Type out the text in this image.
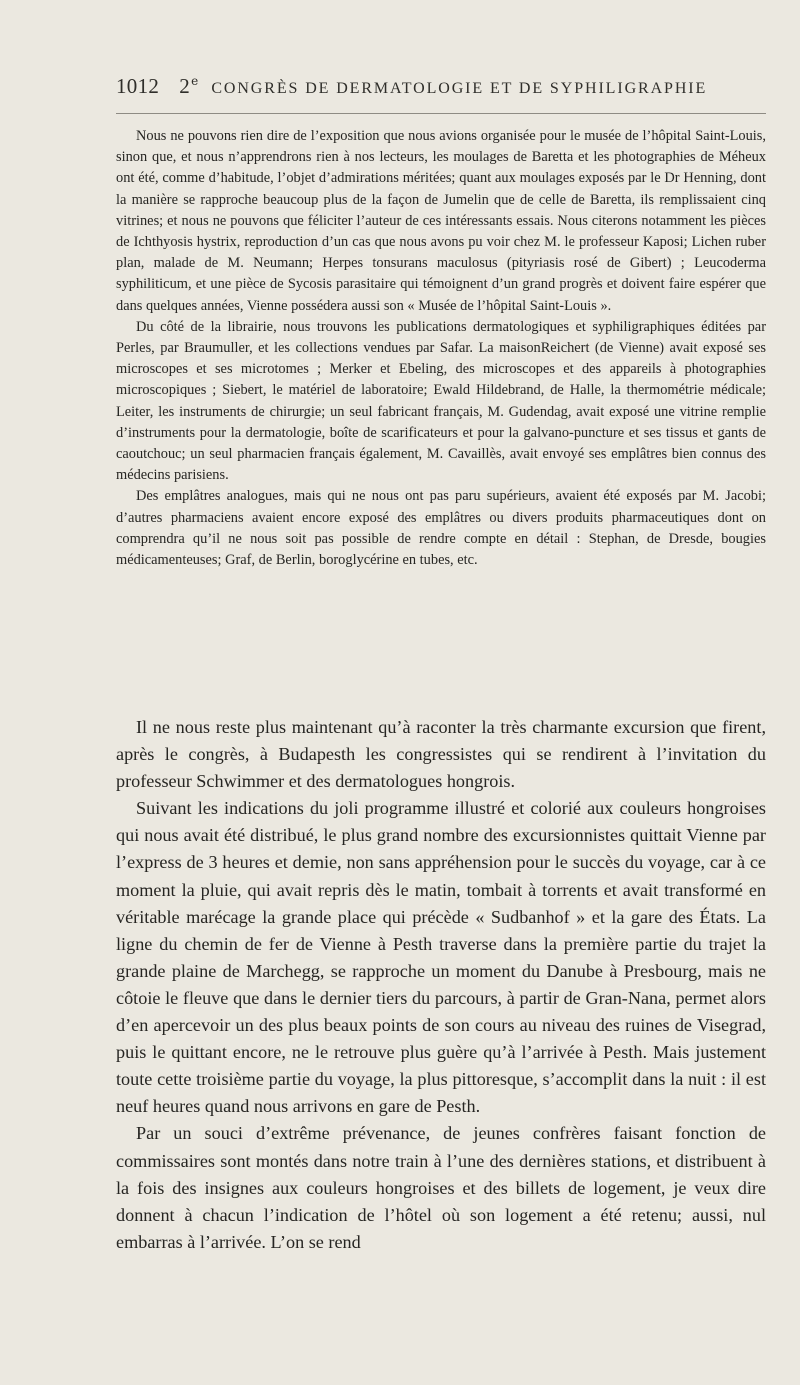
1012 2e CONGRÈS DE DERMATOLOGIE ET DE SYPHILIGRAPHIE

Nous ne pouvons rien dire de l’exposition que nous avions organisée pour le musée de l’hôpital Saint-Louis, sinon que, et nous n’apprendrons rien à nos lecteurs, les moulages de Baretta et les photographies de Méheux ont été, comme d’habitude, l’objet d’admirations méritées; quant aux moulages exposés par le Dr Henning, dont la manière se rapproche beaucoup plus de la façon de Jumelin que de celle de Baretta, ils remplissaient cinq vitrines; et nous ne pouvons que féliciter l’auteur de ces intéressants essais. Nous citerons notamment les pièces de Ichthyosis hystrix, reproduction d’un cas que nous avons pu voir chez M. le professeur Kaposi; Lichen ruber plan, malade de M. Neumann; Herpes tonsurans maculosus (pityriasis rosé de Gibert) ; Leucoderma syphiliticum, et une pièce de Sycosis parasitaire qui témoignent d’un grand progrès et doivent faire espérer que dans quelques années, Vienne possédera aussi son « Musée de l’hôpital Saint-Louis ».

Du côté de la librairie, nous trouvons les publications dermatologiques et syphiligraphiques éditées par Perles, par Braumuller, et les collections vendues par Safar. La maisonReichert (de Vienne) avait exposé ses microscopes et ses microtomes ; Merker et Ebeling, des microscopes et des appareils à photographies microscopiques ; Siebert, le matériel de laboratoire; Ewald Hildebrand, de Halle, la thermométrie médicale; Leiter, les instruments de chirurgie; un seul fabricant français, M. Gudendag, avait exposé une vitrine remplie d’instruments pour la dermatologie, boîte de scarificateurs et pour la galvano-puncture et ses tissus et gants de caoutchouc; un seul pharmacien français également, M. Cavaillès, avait envoyé ses emplâtres bien connus des médecins parisiens.

Des emplâtres analogues, mais qui ne nous ont pas paru supérieurs, avaient été exposés par M. Jacobi; d’autres pharmaciens avaient encore exposé des emplâtres ou divers produits pharmaceutiques dont on comprendra qu’il ne nous soit pas possible de rendre compte en détail : Stephan, de Dresde, bougies médicamenteuses; Graf, de Berlin, boroglycérine en tubes, etc.

Il ne nous reste plus maintenant qu’à raconter la très charmante excursion que firent, après le congrès, à Budapesth les congressistes qui se rendirent à l’invitation du professeur Schwimmer et des dermatologues hongrois.

Suivant les indications du joli programme illustré et colorié aux couleurs hongroises qui nous avait été distribué, le plus grand nombre des excursionnistes quittait Vienne par l’express de 3 heures et demie, non sans appréhension pour le succès du voyage, car à ce moment la pluie, qui avait repris dès le matin, tombait à torrents et avait transformé en véritable marécage la grande place qui précède « Sudbanhof » et la gare des États. La ligne du chemin de fer de Vienne à Pesth traverse dans la première partie du trajet la grande plaine de Marchegg, se rapproche un moment du Danube à Presbourg, mais ne côtoie le fleuve que dans le dernier tiers du parcours, à partir de Gran-Nana, permet alors d’en apercevoir un des plus beaux points de son cours au niveau des ruines de Visegrad, puis le quittant encore, ne le retrouve plus guère qu’à l’arrivée à Pesth. Mais justement toute cette troisième partie du voyage, la plus pittoresque, s’accomplit dans la nuit : il est neuf heures quand nous arrivons en gare de Pesth.

Par un souci d’extrême prévenance, de jeunes confrères faisant fonction de commissaires sont montés dans notre train à l’une des dernières stations, et distribuent à la fois des insignes aux couleurs hongroises et des billets de logement, je veux dire donnent à chacun l’indication de l’hôtel où son logement a été retenu; aussi, nul embarras à l’arrivée. L’on se rend
